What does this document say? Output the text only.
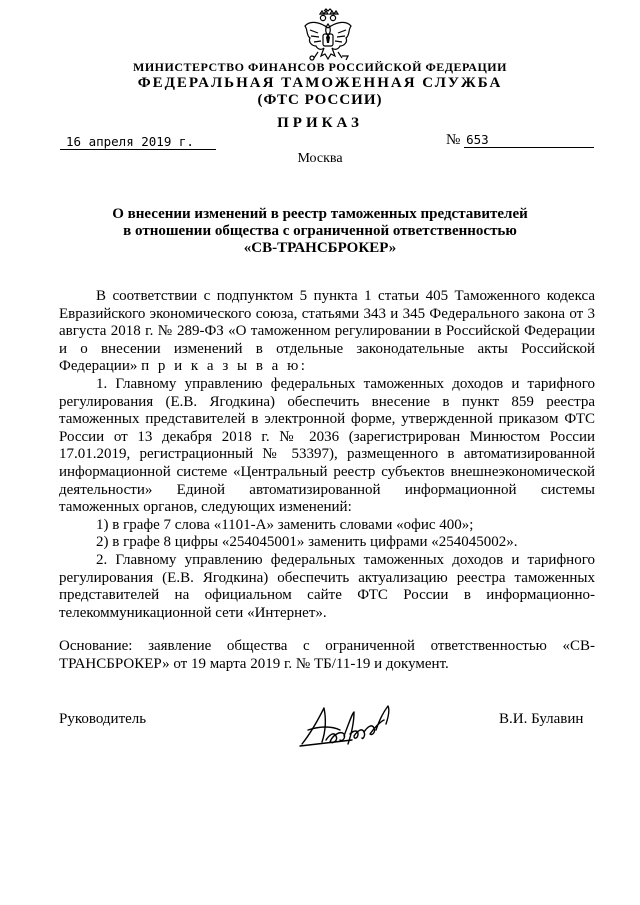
МИНИСТЕРСТВО ФИНАНСОВ РОССИЙСКОЙ ФЕДЕРАЦИИ
ФЕДЕРАЛЬНАЯ ТАМОЖЕННАЯ СЛУЖБА
(ФТС РОССИИ)
ПРИКАЗ
16 апреля 2019 г.	№ 653
Москва
О внесении изменений в реестр таможенных представителей
в отношении общества с ограниченной ответственностью
«СВ-ТРАНСБРОКЕР»

В соответствии с подпунктом 5 пункта 1 статьи 405 Таможенного кодекса Евразийского экономического союза, статьями 343 и 345 Федерального закона от 3 августа 2018 г. № 289-ФЗ «О таможенном регулировании в Российской Федерации и о внесении изменений в отдельные законодательные акты Российской Федерации» п р и к а з ы в а ю:

1. Главному управлению федеральных таможенных доходов и тарифного регулирования (Е.В. Ягодкина) обеспечить внесение в пункт 859 реестра таможенных представителей в электронной форме, утвержденной приказом ФТС России от 13 декабря 2018 г. № 2036 (зарегистрирован Минюстом России 17.01.2019, регистрационный № 53397), размещенного в автоматизированной информационной системе «Центральный реестр субъектов внешнеэкономической деятельности» Единой автоматизированной информационной системы таможенных органов, следующих изменений:

1) в графе 7 слова «1101-А» заменить словами «офис 400»;

2) в графе 8 цифры «254045001» заменить цифрами «254045002».

2. Главному управлению федеральных таможенных доходов и тарифного регулирования (Е.В. Ягодкина) обеспечить актуализацию реестра таможенных представителей на официальном сайте ФТС России в информационно-телекоммуникационной сети «Интернет».

Основание: заявление общества с ограниченной ответственностью «СВ-ТРАНСБРОКЕР» от 19 марта 2019 г. № ТБ/11-19 и документ.

Руководитель	В.И. Булавин
